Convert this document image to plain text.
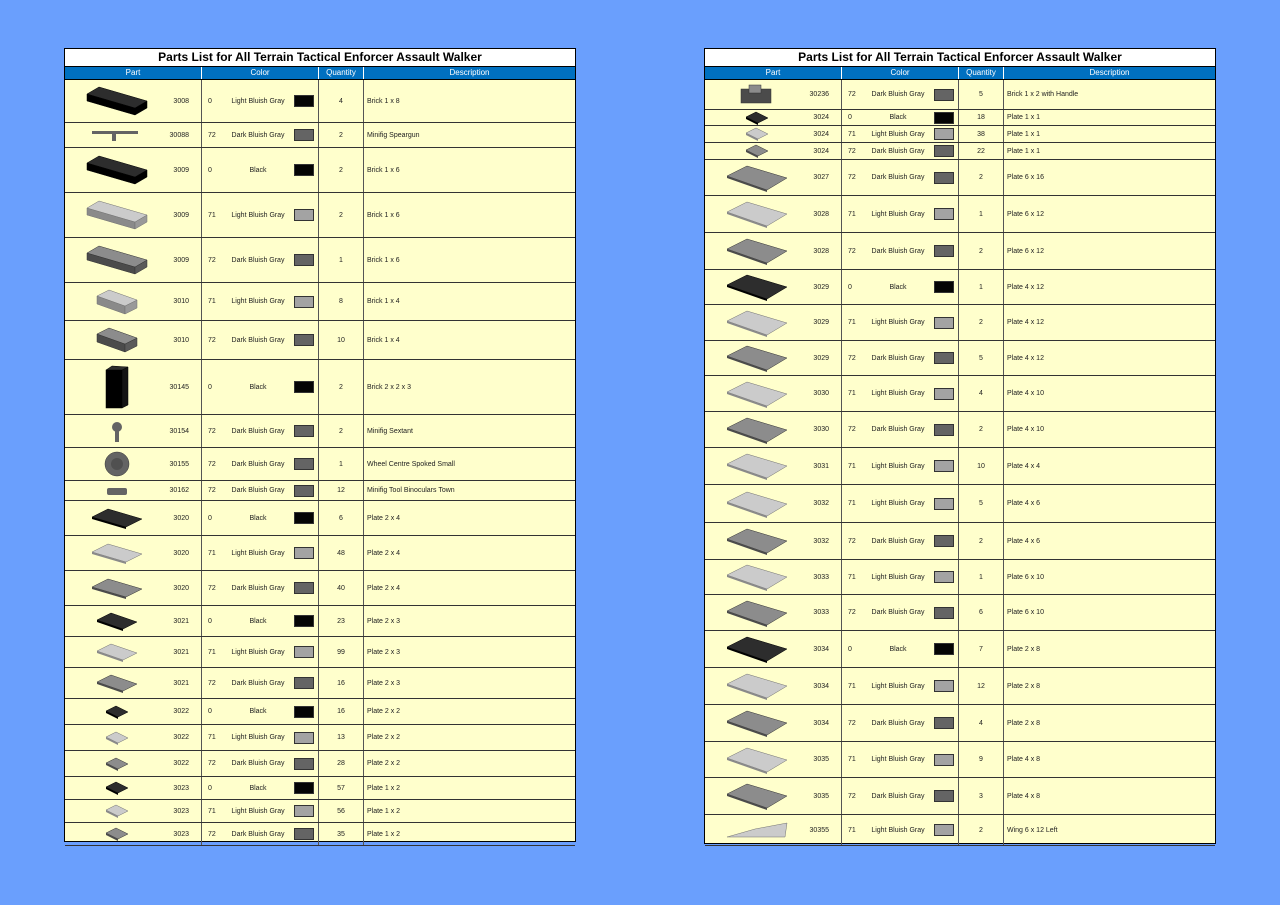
Parts List for All Terrain Tactical Enforcer Assault Walker
Part	Color	Quantity	Description
3008	0	Light Bluish Gray	4	Brick 1 x 8
30088	72	Dark Bluish Gray	2	Minifig Speargun
3009	0	Black	2	Brick 1 x 6
3009	71	Light Bluish Gray	2	Brick 1 x 6
3009	72	Dark Bluish Gray	1	Brick 1 x 6
3010	71	Light Bluish Gray	8	Brick 1 x 4
3010	72	Dark Bluish Gray	10	Brick 1 x 4
30145	0	Black	2	Brick 2 x 2 x 3
30154	72	Dark Bluish Gray	2	Minifig Sextant
30155	72	Dark Bluish Gray	1	Wheel Centre Spoked Small
30162	72	Dark Bluish Gray	12	Minifig Tool Binoculars Town
3020	0	Black	6	Plate 2 x 4
3020	71	Light Bluish Gray	48	Plate 2 x 4
3020	72	Dark Bluish Gray	40	Plate 2 x 4
3021	0	Black	23	Plate 2 x 3
3021	71	Light Bluish Gray	99	Plate 2 x 3
3021	72	Dark Bluish Gray	16	Plate 2 x 3
3022	0	Black	16	Plate 2 x 2
3022	71	Light Bluish Gray	13	Plate 2 x 2
3022	72	Dark Bluish Gray	28	Plate 2 x 2
3023	0	Black	57	Plate 1 x 2
3023	71	Light Bluish Gray	56	Plate 1 x 2
3023	72	Dark Bluish Gray	35	Plate 1 x 2
Parts List for All Terrain Tactical Enforcer Assault Walker
Part	Color	Quantity	Description
30236	72	Dark Bluish Gray	5	Brick 1 x 2 with Handle
3024	0	Black	18	Plate 1 x 1
3024	71	Light Bluish Gray	38	Plate 1 x 1
3024	72	Dark Bluish Gray	22	Plate 1 x 1
3027	72	Dark Bluish Gray	2	Plate 6 x 16
3028	71	Light Bluish Gray	1	Plate 6 x 12
3028	72	Dark Bluish Gray	2	Plate 6 x 12
3029	0	Black	1	Plate 4 x 12
3029	71	Light Bluish Gray	2	Plate 4 x 12
3029	72	Dark Bluish Gray	5	Plate 4 x 12
3030	71	Light Bluish Gray	4	Plate 4 x 10
3030	72	Dark Bluish Gray	2	Plate 4 x 10
3031	71	Light Bluish Gray	10	Plate 4 x 4
3032	71	Light Bluish Gray	5	Plate 4 x 6
3032	72	Dark Bluish Gray	2	Plate 4 x 6
3033	71	Light Bluish Gray	1	Plate 6 x 10
3033	72	Dark Bluish Gray	6	Plate 6 x 10
3034	0	Black	7	Plate 2 x 8
3034	71	Light Bluish Gray	12	Plate 2 x 8
3034	72	Dark Bluish Gray	4	Plate 2 x 8
3035	71	Light Bluish Gray	9	Plate 4 x 8
3035	72	Dark Bluish Gray	3	Plate 4 x 8
30355	71	Light Bluish Gray	2	Wing 6 x 12 Left
